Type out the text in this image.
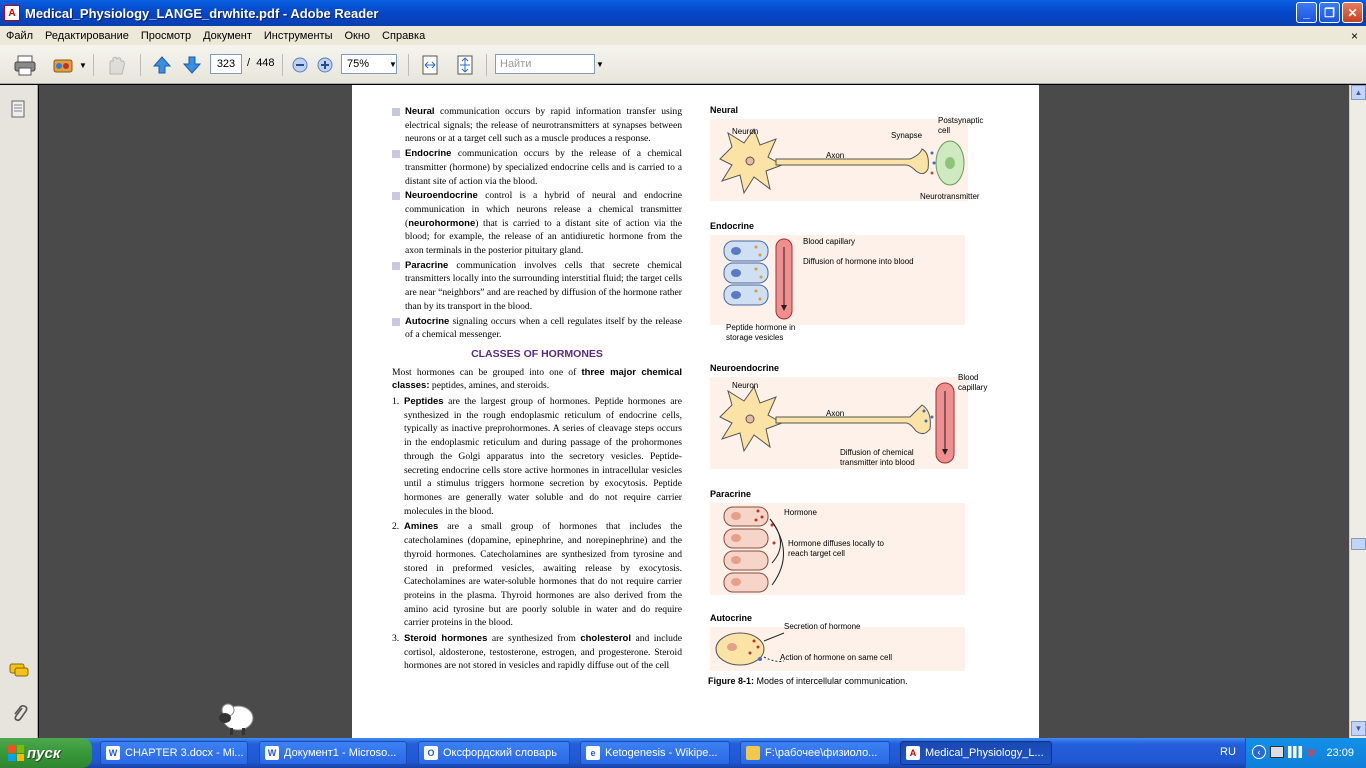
A Medical_Physiology_LANGE_drwhite.pdf - Adobe Reader	_	❐	✕
Файл	Редактирование	Просмотр	Документ	Инструменты	Окно	Справка	×
▼	323	/ 448	75%	▼	Найти	▼
Neural communication occurs by rapid information transfer using electrical signals; the release of neurotransmitters at synapses between neurons or at a target cell such as a muscle produces a response.
Endocrine communication occurs by the release of a chemical transmitter (hormone) by specialized endocrine cells and is carried to a distant site of action via the blood.
Neuroendocrine control is a hybrid of neural and endocrine communication in which neurons release a chemical transmitter (neurohormone) that is carried to a distant site of action via the blood; for example, the release of an antidiuretic hormone from the axon terminals in the posterior pituitary gland.
Paracrine communication involves cells that secrete chemical transmitters locally into the surrounding interstitial fluid; the target cells are near “neighbors” and are reached by diffusion of the hormone rather than by its transport in the blood.
Autocrine signaling occurs when a cell regulates itself by the release of a chemical messenger.
CLASSES OF HORMONES
Most hormones can be grouped into one of three major chemical classes: peptides, amines, and steroids.
1. Peptides are the largest group of hormones. Peptide hormones are synthesized in the rough endoplasmic reticulum of endocrine cells, typically as inactive preprohormones. A series of cleavage steps occurs in the endoplasmic reticulum and during passage of the prohormones through the Golgi apparatus into the secretory vesicles. Peptide-secreting endocrine cells store active hormones in intracellular vesicles until a stimulus triggers hormone secretion by exocytosis. Peptide hormones are generally water soluble and do not require carrier molecules in the blood.
2. Amines are a small group of hormones that includes the catecholamines (dopamine, epinephrine, and norepinephrine) and the thyroid hormones. Catecholamines are synthesized from tyrosine and stored in preformed vesicles, awaiting release by exocytosis. Catecholamines are water-soluble hormones that do not require carrier proteins in the plasma. Thyroid hormones are also derived from the amino acid tyrosine but are poorly soluble in water and do require carrier proteins in the blood.
3. Steroid hormones are synthesized from cholesterol and include cortisol, aldosterone, testosterone, estrogen, and progesterone. Steroid hormones are not stored in vesicles and rapidly diffuse out of the cell
Neural
Neuron
Axon
Synapse
Postsynaptic
cell
Neurotransmitter
Endocrine
Blood capillary
Diffusion of hormone into blood
Peptide hormone in
storage vesicles
Neuroendocrine
Neuron
Axon
Blood
capillary
Diffusion of chemical
transmitter into blood
Paracrine
Hormone
Hormone diffuses locally to
reach target cell
Autocrine
Secretion of hormone
Action of hormone on same cell
Figure 8-1: Modes of intercellular communication.
▲
▼
пуск	W CHAPTER 3.docx - Mi...	W Документ1 - Microso...	O Оксфордский словарь	e Ketogenesis - Wikipe...	F:\рабочее\физиоло...	A Medical_Physiology_L...	RU	‹	✕ 23:09
